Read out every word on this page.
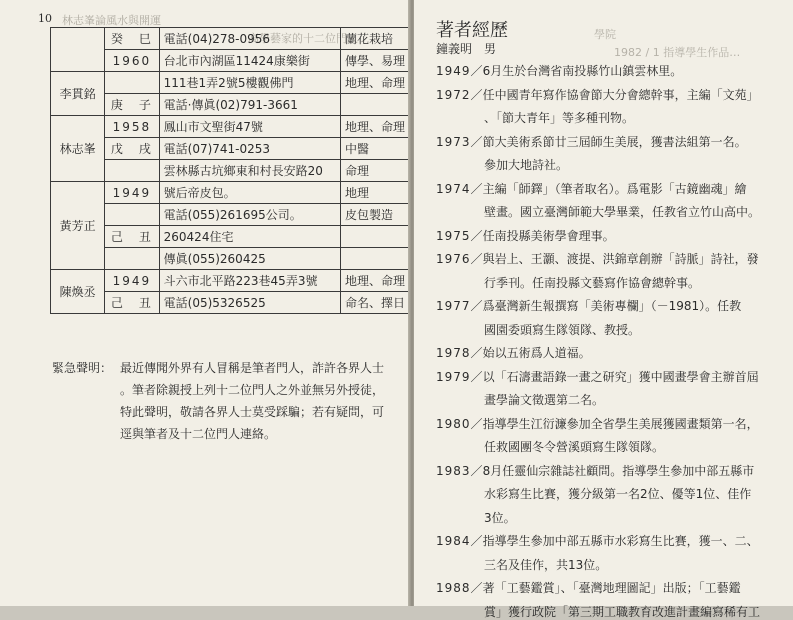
10 林志峯論風水與開運
高學藝家的十二位門人
	癸　巳	電話(04)278-0956	蘭花栽培
	1960	台北市內湖區11424康樂街	傳學、易理
李貫銘		111巷1弄2號5樓觀佛門	地理、命理
	庚　子	電話·傳眞(02)791-3661	
林志峯	1958	鳳山市文聖街47號	地理、命理
	戊　戌	電話(07)741-0253	中醫
		雲林縣古坑鄉東和村長安路20	命理
黃芳正	1949	號后帝皮包。	地理
		電話(055)261695公司。	皮包製造
	己　丑	260424住宅	
		傳眞(055)260425	
陳煥丞	1949	斗六市北平路223巷45弄3號	地理、命理
	己　丑	電話(05)5326525	命名、擇日
緊急聲明： 最近傳聞外界有人冒稱是筆者門人，詐許各界人士
。筆者除親授上列十二位門人之外並無另外授徒，
特此聲明，敬請各界人士莫受踩騙；若有疑問，可
逕與筆者及十二位門人連絡。
學院
1982 / 1 指導學生作品…
著者經歷
鐘義明　男
1949／6月生於台灣省南投縣竹山鎮雲林里。
1972／任中國青年寫作協會節大分會總幹事，主編「文苑」
、「節大青年」等多種刊物。
1973／節大美術系節廿三屆師生美展，獲書法組第一名。
參加大地詩社。
1974／主編「師鐸」（筆者取名）。爲電影「古鏡幽魂」繪
壁畫。國立臺灣師範大學畢業，任教省立竹山高中。
1975／任南投縣美術學會理事。
1976／與岩上、王灝、渡提、洪錦章創辦「詩脈」詩社，發
行季刊。任南投縣文藝寫作協會總幹事。
1977／爲臺灣新生報撰寫「美術專欄」（－1981）。任教
國園委頭寫生隊領隊、教授。
1978／始以五術爲人道福。
1979／以「石濤畫語錄一畫之研究」獲中國畫學會主辦首屆
畫學論文徵選第二名。
1980／指導學生江衍濂參加全省學生美展獲國畫類第一名，
任救國團冬令營溪頭寫生隊領隊。
1983／8月任靈仙宗雜誌社顧問。指導學生參加中部五縣市
水彩寫生比賽，獲分級第一名2位、優等1位、佳作
3位。
1984／指導學生參加中部五縣市水彩寫生比賽，獲一、二、
三名及佳作，共13位。
1988／著「工藝鑑賞」、「臺灣地理圖記」出版；「工藝鑑
賞」獲行政院「第三期工職教育改進計畫編寫稀有工
